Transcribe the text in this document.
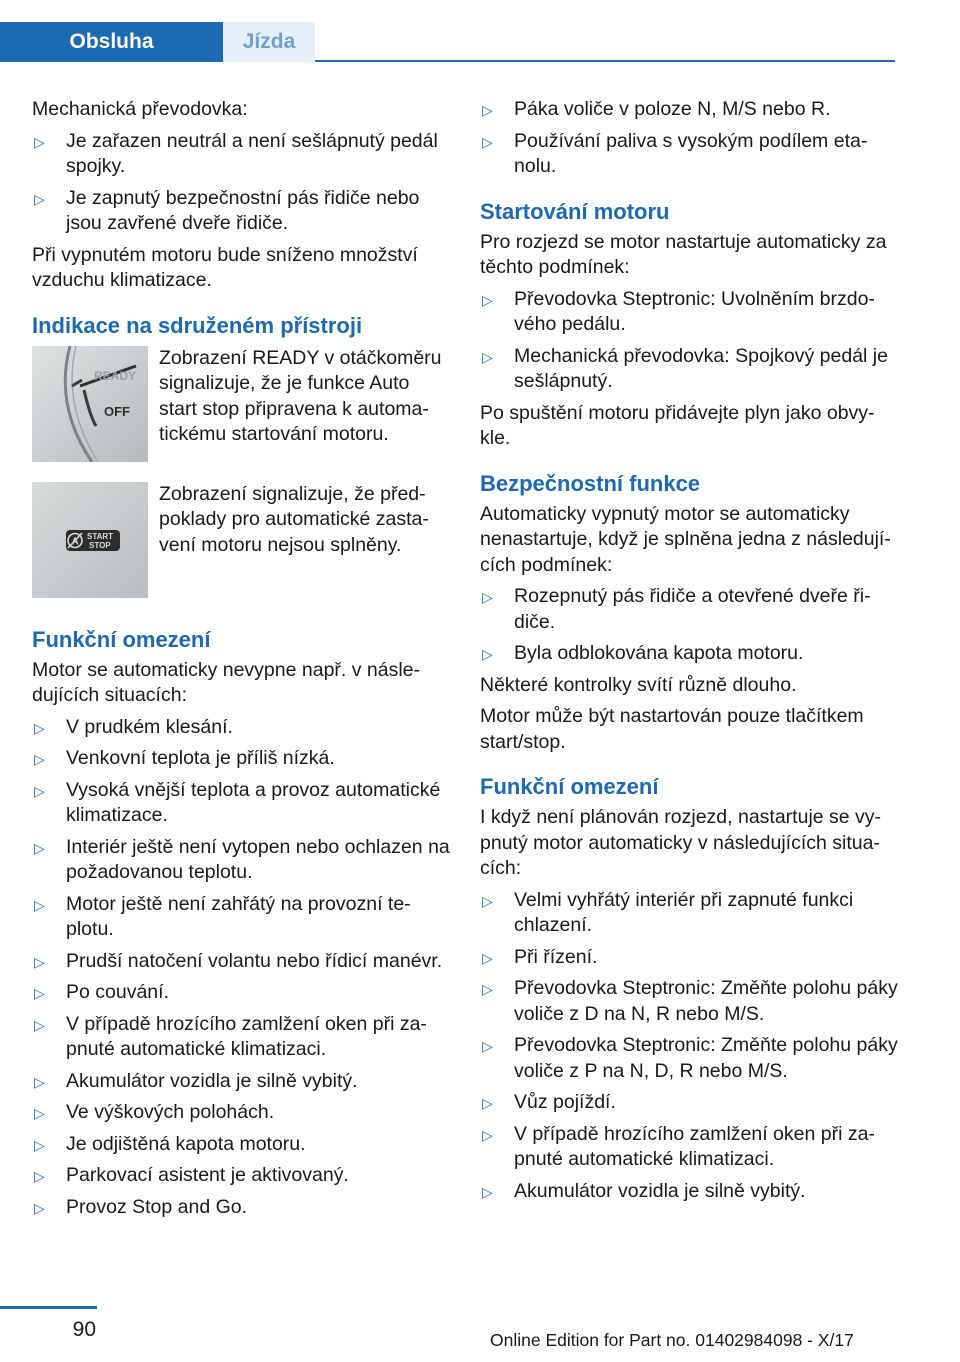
Obsluha	Jízda

Mechanická převodovka:

▷ Je zařazen neutrál a není sešlápnutý pedál spojky.
▷ Je zapnutý bezpečnostní pás řidiče nebo jsou zavřené dveře řidiče.

Při vypnutém motoru bude sníženo množství vzduchu klimatizace.

Indikace na sdruženém přístroji
READY
OFF
Zobrazení READY v otáčkoměru signalizuje, že je funkce Auto start stop připravena k automa‐tickému startování motoru.
A START
STOP
Zobrazení signalizuje, že před‐poklady pro automatické zasta‐vení motoru nejsou splněny.
Funkční omezení

Motor se automaticky nevypne např. v násle‐dujících situacích:

▷ V prudkém klesání.
▷ Venkovní teplota je příliš nízká.
▷ Vysoká vnější teplota a provoz automatické klimatizace.
▷ Interiér ještě není vytopen nebo ochlazen na požadovanou teplotu.
▷ Motor ještě není zahřátý na provozní te‐plotu.
▷ Prudší natočení volantu nebo řídicí manévr.
▷ Po couvání.
▷ V případě hrozícího zamlžení oken při za‐pnuté automatické klimatizaci.
▷ Akumulátor vozidla je silně vybitý.
▷ Ve výškových polohách.
▷ Je odjištěná kapota motoru.
▷ Parkovací asistent je aktivovaný.
▷ Provoz Stop and Go.
▷ Páka voliče v poloze N, M/S nebo R.
▷ Používání paliva s vysokým podílem eta‐nolu.
Startování motoru

Pro rozjezd se motor nastartuje automaticky za těchto podmínek:

▷ Převodovka Steptronic: Uvolněním brzdo‐vého pedálu.
▷ Mechanická převodovka: Spojkový pedál je sešlápnutý.

Po spuštění motoru přidávejte plyn jako obvy‐kle.

Bezpečnostní funkce

Automaticky vypnutý motor se automaticky nenastartuje, když je splněna jedna z následují‐cích podmínek:

▷ Rozepnutý pás řidiče a otevřené dveře ři‐diče.
▷ Byla odblokována kapota motoru.

Některé kontrolky svítí různě dlouho.

Motor může být nastartován pouze tlačítkem start/stop.

Funkční omezení

I když není plánován rozjezd, nastartuje se vy‐pnutý motor automaticky v následujících situa‐cích:

▷ Velmi vyhřátý interiér při zapnuté funkci chlazení.
▷ Při řízení.
▷ Převodovka Steptronic: Změňte polohu páky voliče z D na N, R nebo M/S.
▷ Převodovka Steptronic: Změňte polohu páky voliče z P na N, D, R nebo M/S.
▷ Vůz pojíždí.
▷ V případě hrozícího zamlžení oken při za‐pnuté automatické klimatizaci.
▷ Akumulátor vozidla je silně vybitý.
90	Online Edition for Part no. 01402984098 - X/17
